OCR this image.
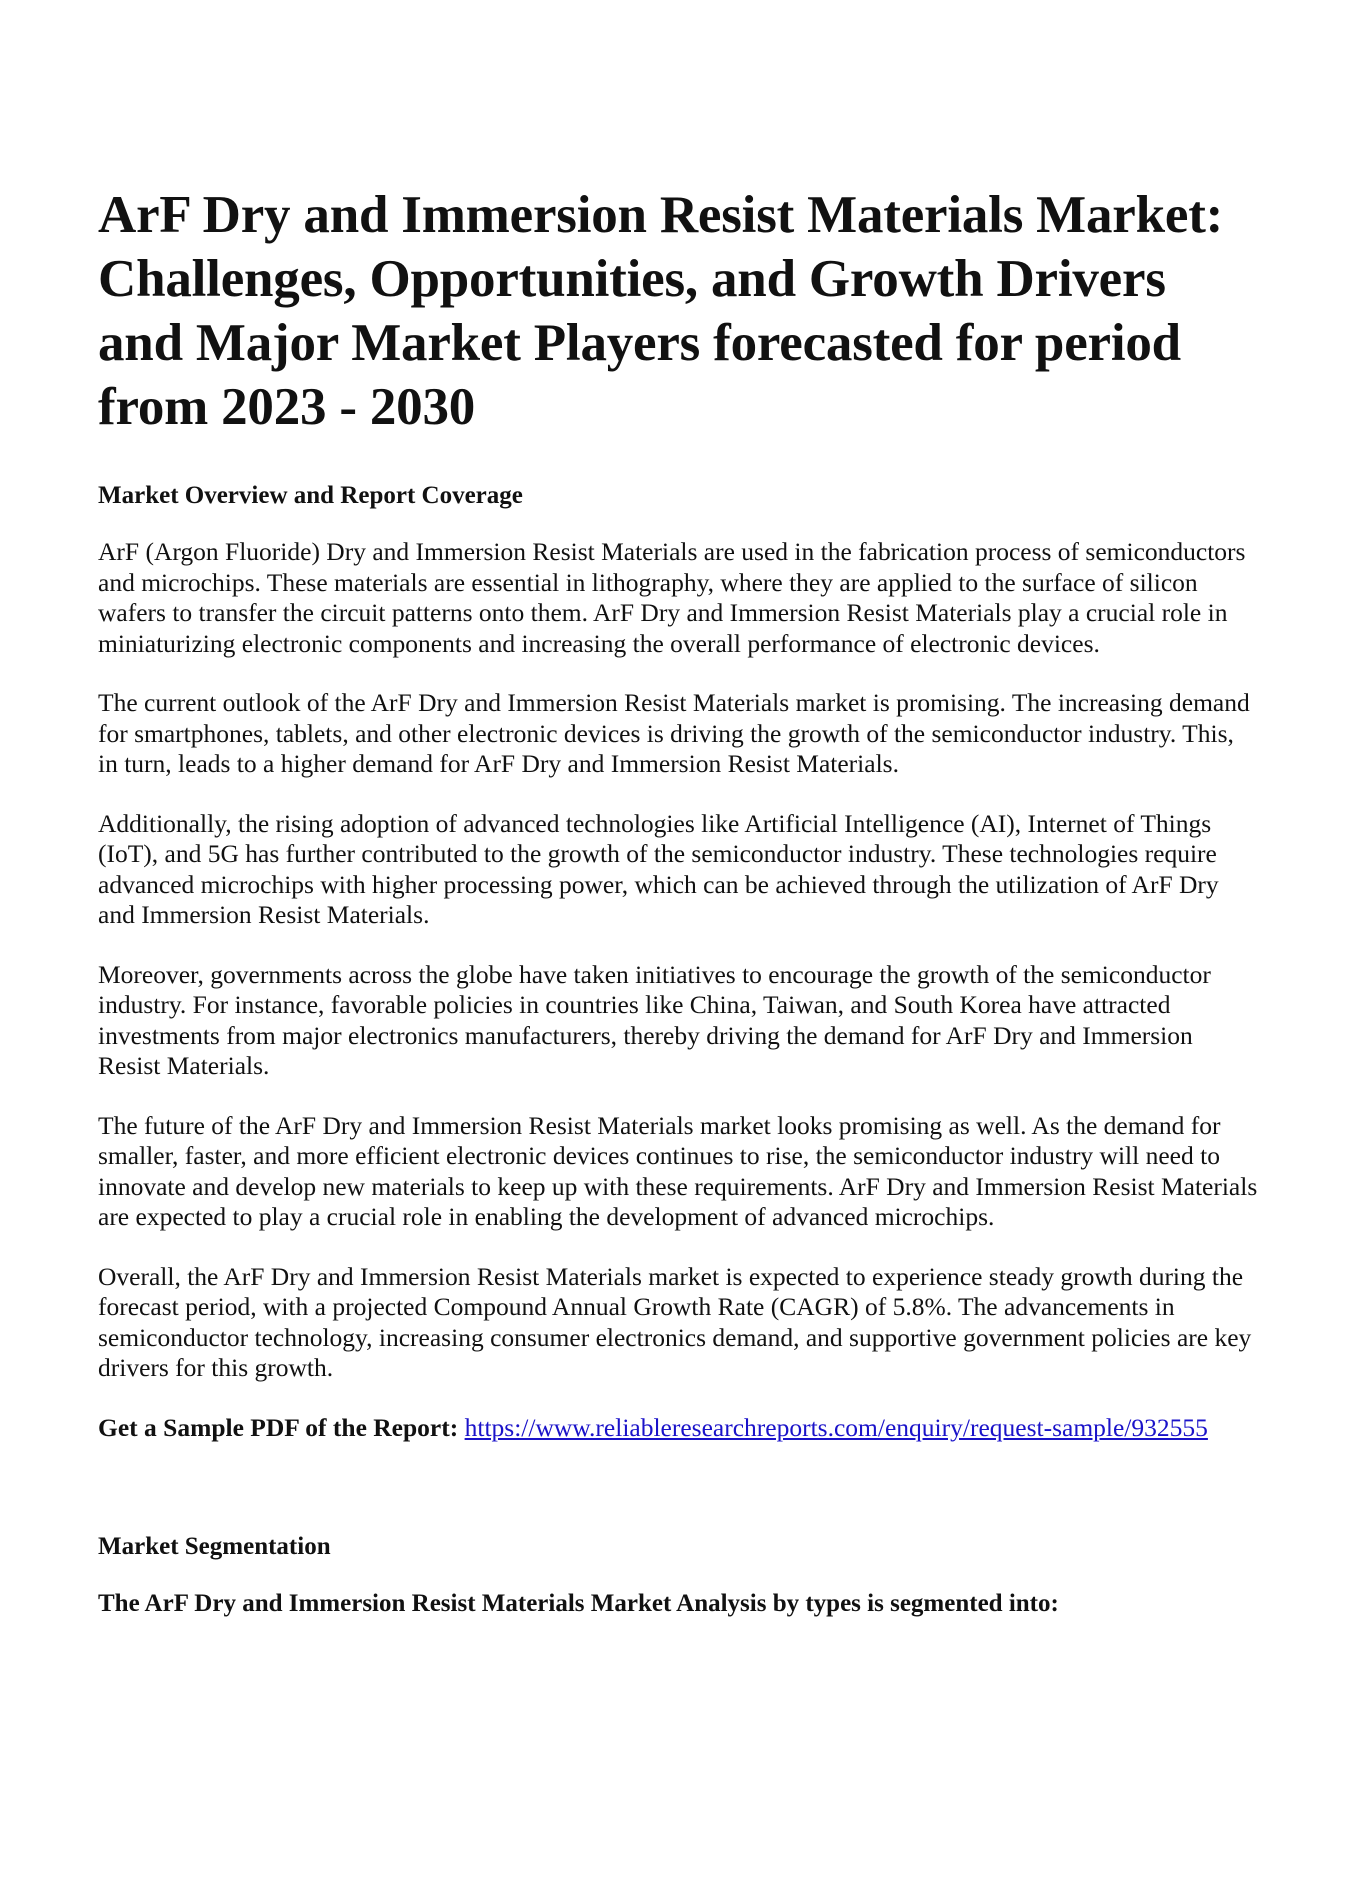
ArF Dry and Immersion Resist Materials Market: Challenges, Opportunities, and Growth Drivers and Major Market Players forecasted for period from 2023 - 2030
Market Overview and Report Coverage

ArF (Argon Fluoride) Dry and Immersion Resist Materials are used in the fabrication process of semiconductors and microchips. These materials are essential in lithography, where they are applied to the surface of silicon wafers to transfer the circuit patterns onto them. ArF Dry and Immersion Resist Materials play a crucial role in miniaturizing electronic components and increasing the overall performance of electronic devices.

The current outlook of the ArF Dry and Immersion Resist Materials market is promising. The increasing demand for smartphones, tablets, and other electronic devices is driving the growth of the semiconductor industry. This, in turn, leads to a higher demand for ArF Dry and Immersion Resist Materials.

Additionally, the rising adoption of advanced technologies like Artificial Intelligence (AI), Internet of Things (IoT), and 5G has further contributed to the growth of the semiconductor industry. These technologies require advanced microchips with higher processing power, which can be achieved through the utilization of ArF Dry and Immersion Resist Materials.

Moreover, governments across the globe have taken initiatives to encourage the growth of the semiconductor industry. For instance, favorable policies in countries like China, Taiwan, and South Korea have attracted investments from major electronics manufacturers, thereby driving the demand for ArF Dry and Immersion Resist Materials.

The future of the ArF Dry and Immersion Resist Materials market looks promising as well. As the demand for smaller, faster, and more efficient electronic devices continues to rise, the semiconductor industry will need to innovate and develop new materials to keep up with these requirements. ArF Dry and Immersion Resist Materials are expected to play a crucial role in enabling the development of advanced microchips.

Overall, the ArF Dry and Immersion Resist Materials market is expected to experience steady growth during the forecast period, with a projected Compound Annual Growth Rate (CAGR) of 5.8%. The advancements in semiconductor technology, increasing consumer electronics demand, and supportive government policies are key drivers for this growth.

Get a Sample PDF of the Report: https://www.reliableresearchreports.com/enquiry/request-sample/932555

Market Segmentation
The ArF Dry and Immersion Resist Materials Market Analysis by types is segmented into:
